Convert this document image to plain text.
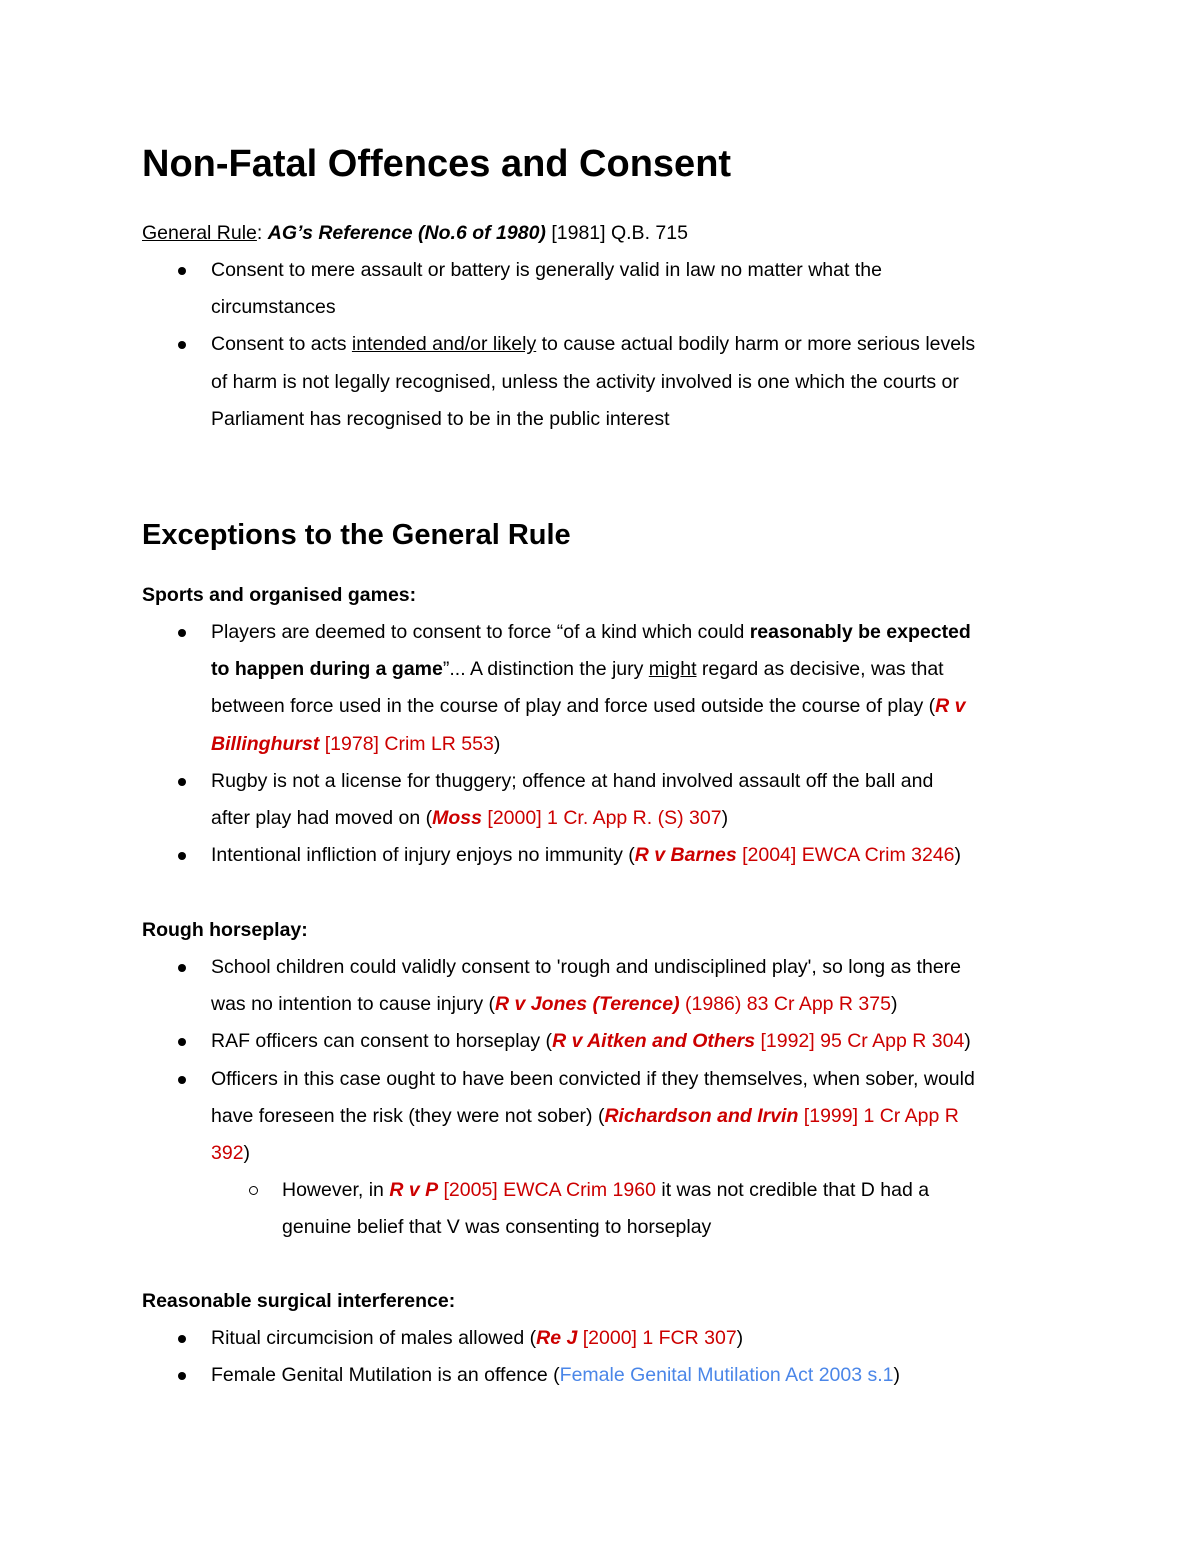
Non-Fatal Offences and Consent

General Rule: AG’s Reference (No.6 of 1980) [1981] Q.B. 715

Consent to mere assault or battery is generally valid in law no matter what the
circumstances
Consent to acts intended and/or likely to cause actual bodily harm or more serious levels
of harm is not legally recognised, unless the activity involved is one which the courts or
Parliament has recognised to be in the public interest
Exceptions to the General Rule

Sports and organised games:

Players are deemed to consent to force “of a kind which could reasonably be expected
to happen during a game”... A distinction the jury might regard as decisive, was that
between force used in the course of play and force used outside the course of play (R v
Billinghurst [1978] Crim LR 553)
Rugby is not a license for thuggery; offence at hand involved assault off the ball and
after play had moved on (Moss [2000] 1 Cr. App R. (S) 307)
Intentional infliction of injury enjoys no immunity (R v Barnes [2004] EWCA Crim 3246)

Rough horseplay:

School children could validly consent to 'rough and undisciplined play', so long as there
was no intention to cause injury (R v Jones (Terence) (1986) 83 Cr App R 375)
RAF officers can consent to horseplay (R v Aitken and Others [1992] 95 Cr App R 304)
Officers in this case ought to have been convicted if they themselves, when sober, would
have foreseen the risk (they were not sober) (Richardson and Irvin [1999] 1 Cr App R
392)
However, in R v P [2005] EWCA Crim 1960 it was not credible that D had a
genuine belief that V was consenting to horseplay

Reasonable surgical interference:

Ritual circumcision of males allowed (Re J [2000] 1 FCR 307)
Female Genital Mutilation is an offence (Female Genital Mutilation Act 2003 s.1)
